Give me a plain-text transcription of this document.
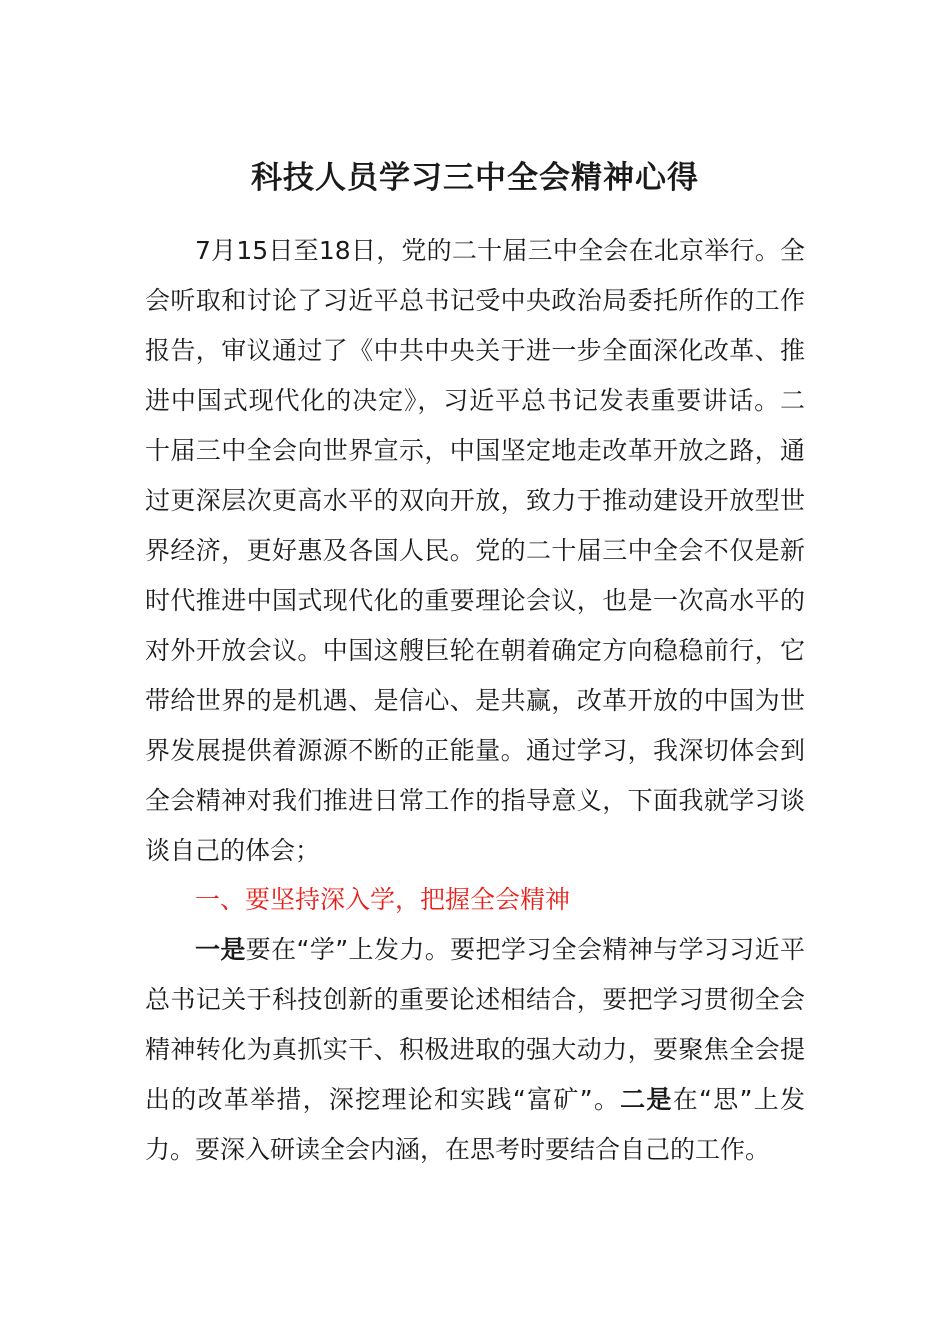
科技人员学习三中全会精神心得

7月15日至18日，党的二十届三中全会在北京举行。全会听取和讨论了习近平总书记受中央政治局委托所作的工作报告，审议通过了《中共中央关于进一步全面深化改革、推进中国式现代化的决定》，习近平总书记发表重要讲话。二十届三中全会向世界宣示，中国坚定地走改革开放之路，通过更深层次更高水平的双向开放，致力于推动建设开放型世界经济，更好惠及各国人民。党的二十届三中全会不仅是新时代推进中国式现代化的重要理论会议，也是一次高水平的对外开放会议。中国这艘巨轮在朝着确定方向稳稳前行，它带给世界的是机遇、是信心、是共赢，改革开放的中国为世界发展提供着源源不断的正能量。通过学习，我深切体会到全会精神对我们推进日常工作的指导意义，下面我就学习谈谈自己的体会；

一、要坚持深入学，把握全会精神

一是要在“学”上发力。要把学习全会精神与学习习近平总书记关于科技创新的重要论述相结合，要把学习贯彻全会精神转化为真抓实干、积极进取的强大动力，要聚焦全会提出的改革举措，深挖理论和实践“富矿”。二是在“思”上发力。要深入研读全会内涵，在思考时要结合自己的工作。
